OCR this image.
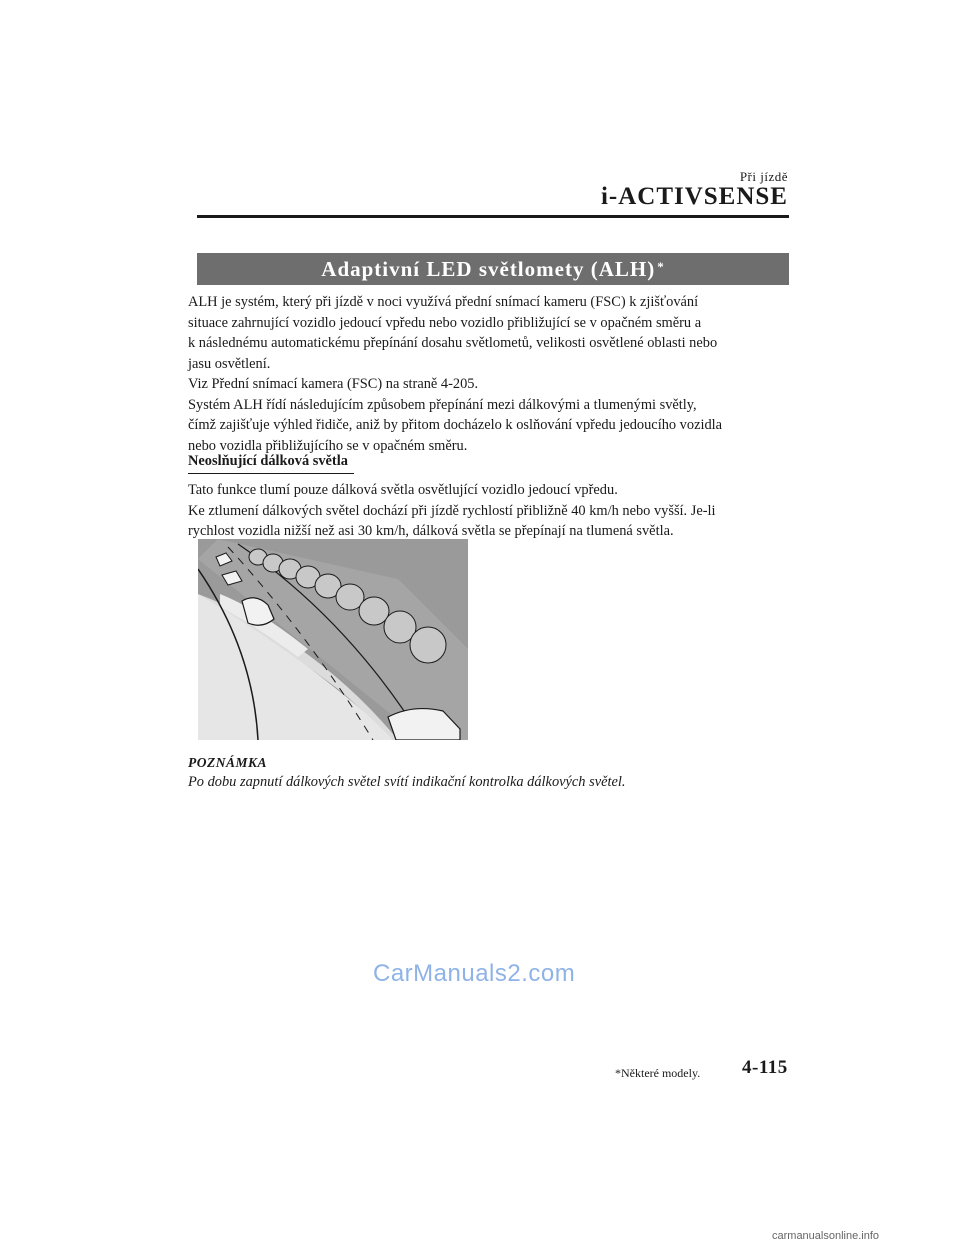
Při jízdě
i-ACTIVSENSE
Adaptivní LED světlomety (ALH)*

ALH je systém, který při jízdě v noci využívá přední snímací kameru (FSC) k zjišťování

situace zahrnující vozidlo jedoucí vpředu nebo vozidlo přibližující se v opačném směru a

k následnému automatickému přepínání dosahu světlometů, velikosti osvětlené oblasti nebo

jasu osvětlení.

Viz Přední snímací kamera (FSC) na straně 4-205.

Systém ALH řídí následujícím způsobem přepínání mezi dálkovými a tlumenými světly,

čímž zajišťuje výhled řidiče, aniž by přitom docházelo k oslňování vpředu jedoucího vozidla

nebo vozidla přibližujícího se v opačném směru.

Neoslňující dálková světla

Tato funkce tlumí pouze dálková světla osvětlující vozidlo jedoucí vpředu.

Ke ztlumení dálkových světel dochází při jízdě rychlostí přibližně 40 km/h nebo vyšší. Je-li

rychlost vozidla nižší než asi 30 km/h, dálková světla se přepínají na tlumená světla.

POZNÁMKA
Po dobu zapnutí dálkových světel svítí indikační kontrolka dálkových světel.
CarManuals2.com
*Některé modely. 4-115
carmanualsonline.info
